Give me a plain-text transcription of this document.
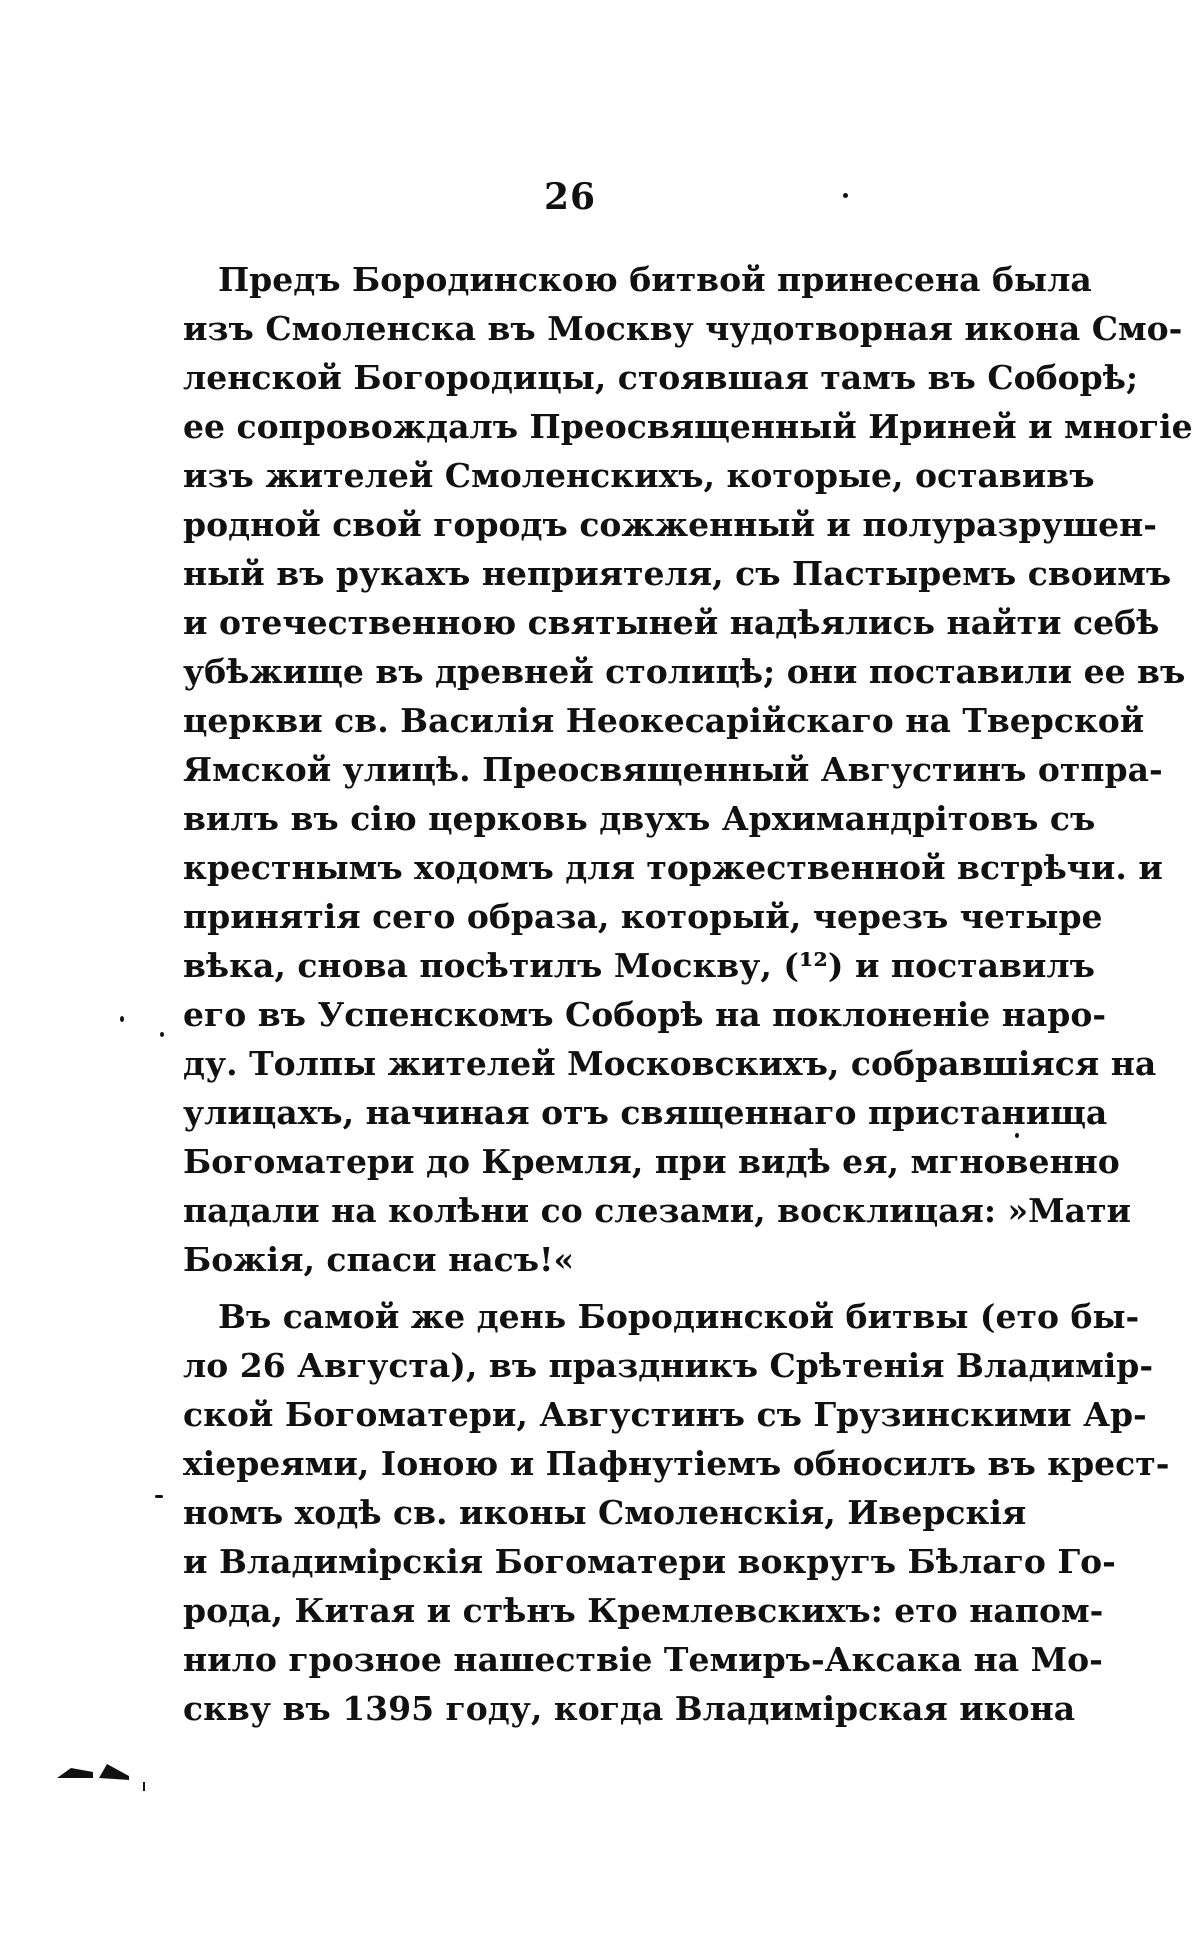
26
Предъ Бородинскою битвой принесена была
изъ Смоленска въ Москву чудотворная икона Смо-
ленской Богородицы, стоявшая тамъ въ Соборѣ;
ее сопровождалъ Преосвященный Ириней и многіе
изъ жителей Смоленскихъ, которые, оставивъ
родной свой городъ сожженный и полуразрушен-
ный въ рукахъ неприятеля, съ Пастыремъ своимъ
и отечественною святыней надѣялись найти себѣ
убѣжище въ древней столицѣ; они поставили ее въ
церкви св. Василія Неокесарійскаго на Тверской
Ямской улицѣ. Преосвященный Августинъ отпра-
вилъ въ сію церковь двухъ Архимандрітовъ съ
крестнымъ ходомъ для торжественной встрѣчи. и
принятія сего образа, который, черезъ четыре
вѣка, снова посѣтилъ Москву, (¹²) и поставилъ
его въ Успенскомъ Соборѣ на поклоненіе наро-
ду. Толпы жителей Московскихъ, собравшіяся на
улицахъ, начиная отъ священнаго пристанища
Богоматери до Кремля, при видѣ ея, мгновенно
падали на колѣни со слезами, восклицая: »Мати
Божія, спаси насъ!«
Въ самой же день Бородинской битвы (ето бы-
ло 26 Августа), въ праздникъ Срѣтенія Владимір-
ской Богоматери, Августинъ съ Грузинскими Ар-
хіереями, Іоною и Пафнутіемъ обносилъ въ крест-
номъ ходѣ св. иконы Смоленскія, Иверскія
и Владимірскія Богоматери вокругъ Бѣлаго Го-
рода, Китая и стѣнъ Кремлевскихъ: ето напом-
нило грозное нашествіе Темиръ-Аксака на Мо-
скву въ 1395 году, когда Владимірская икона
